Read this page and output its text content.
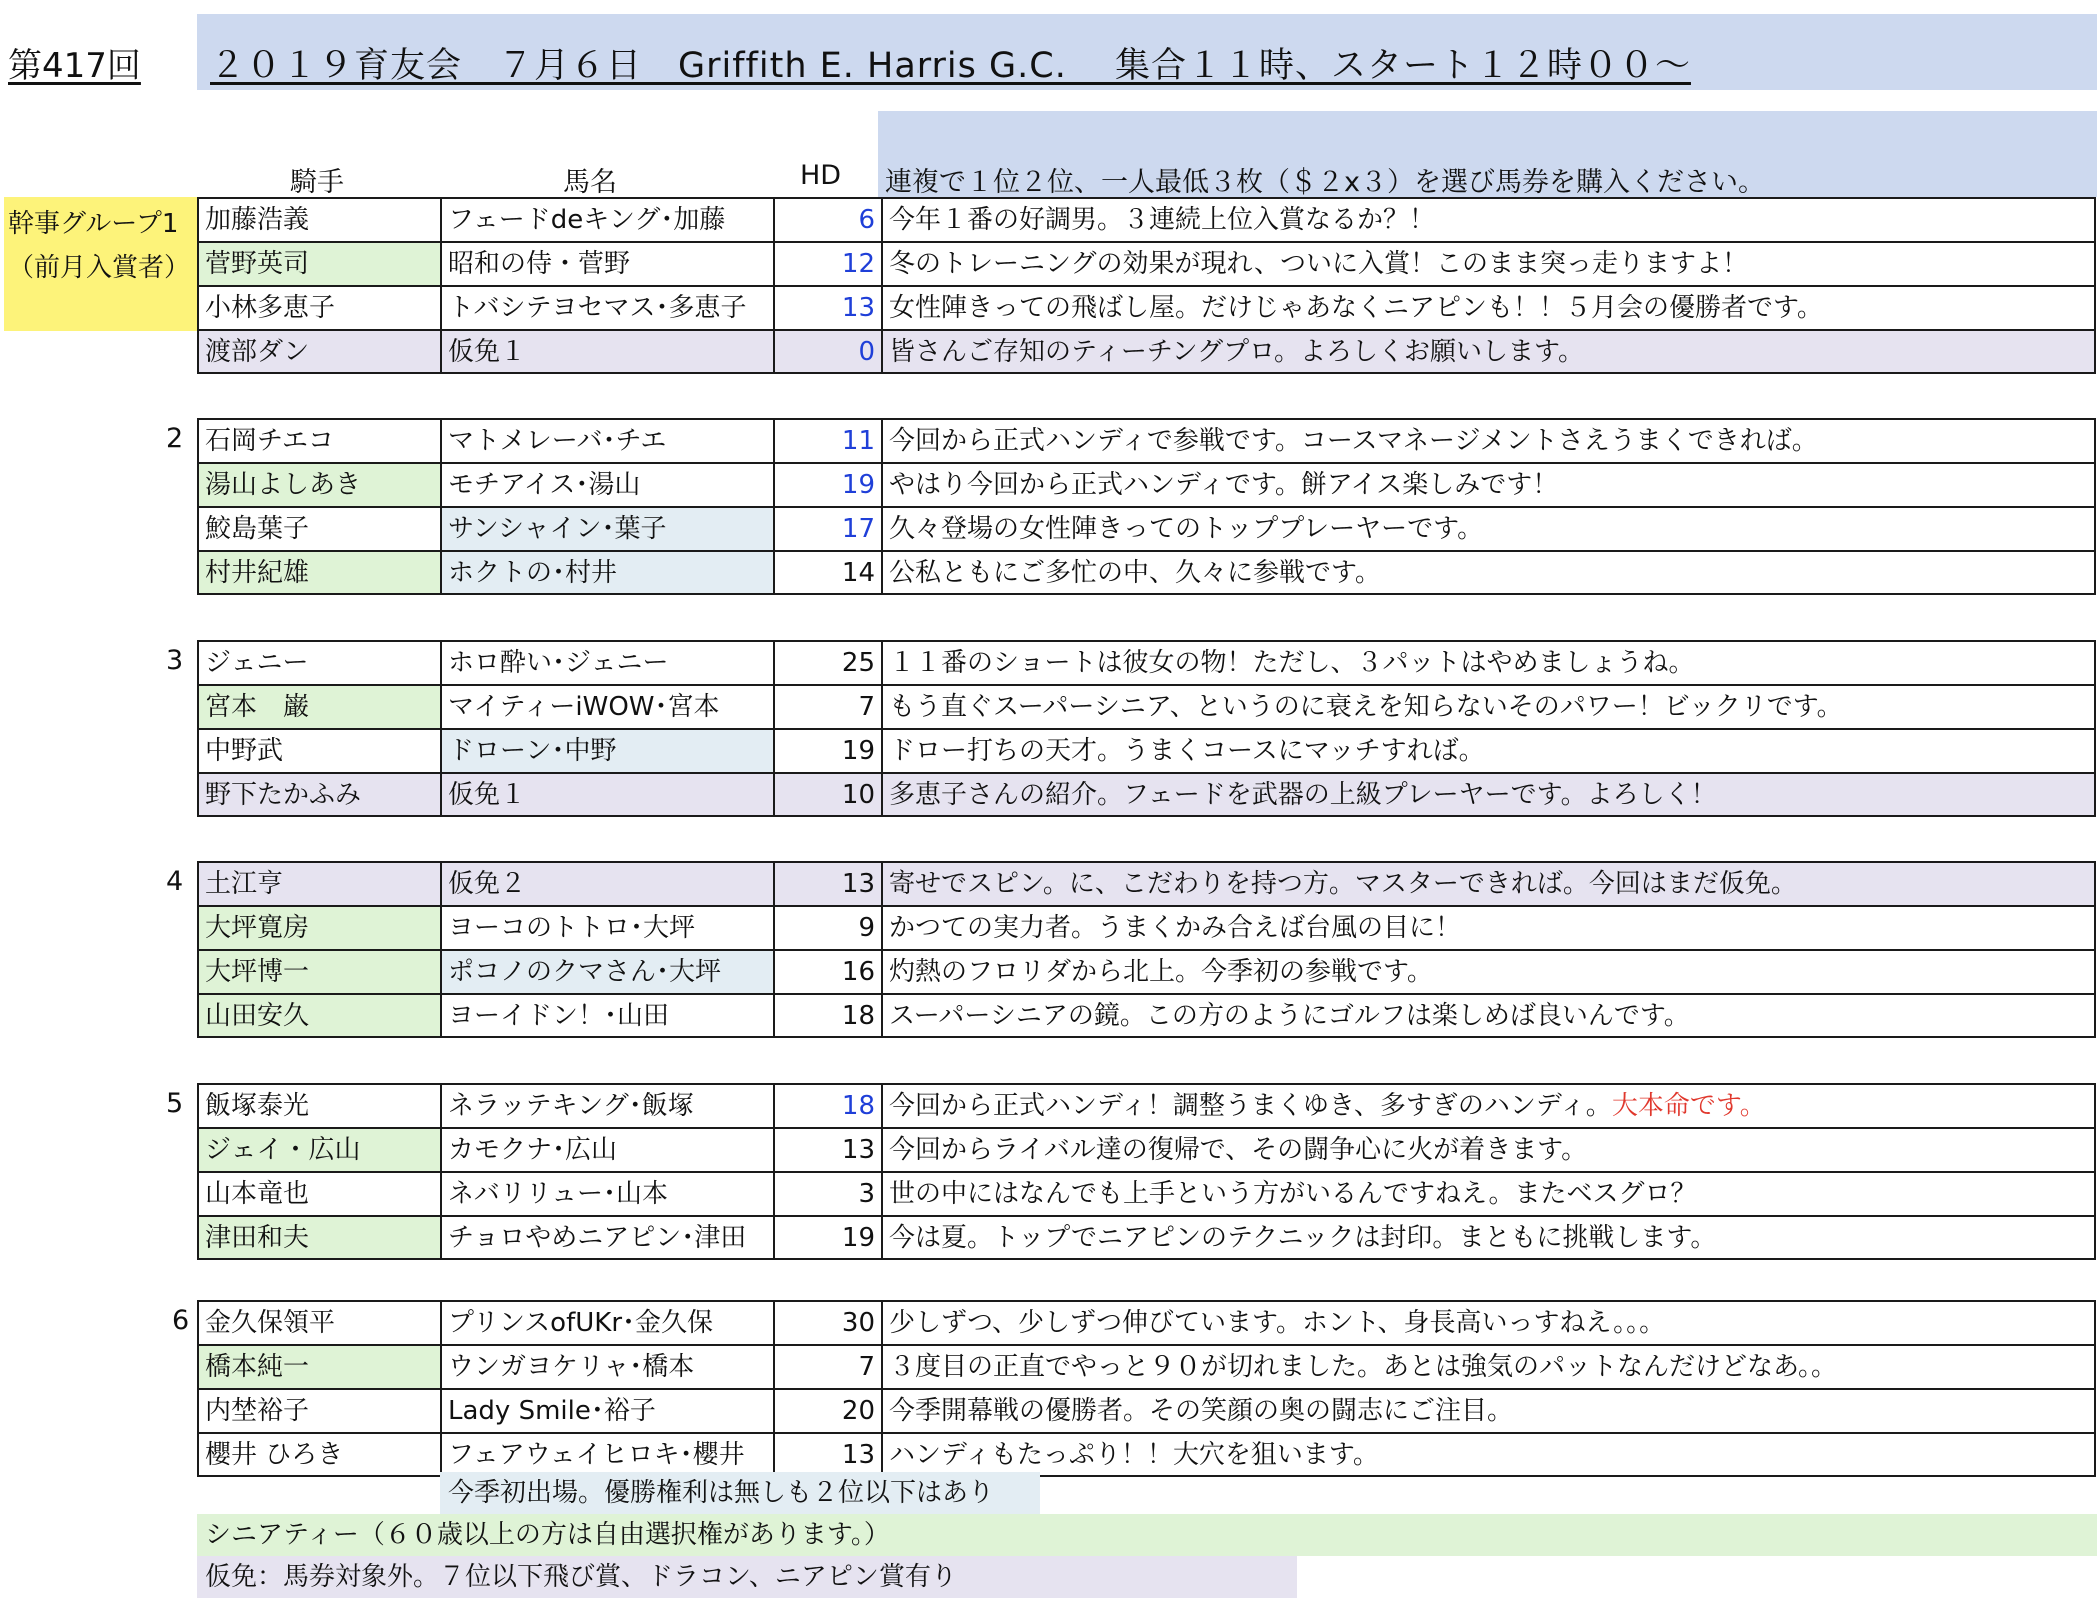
第417回 ２０１９育友会　７月６日　Griffith E. Harris G.C.　 集合１１時、スタート１２時００～
騎手	馬名	HD 連複で１位２位、一人最低３枚（＄２x３）を選び馬券を購入ください。
幹事グループ1
（前月入賞者）
加藤浩義	フェードdeキング･加藤	6 今年１番の好調男。３連続上位入賞なるか？！
菅野英司	昭和の侍・菅野	12 冬のトレーニングの効果が現れ、ついに入賞！このまま突っ走りますよ！
小林多恵子	トバシテヨセマス･多恵子	13 女性陣きっての飛ばし屋。だけじゃあなくニアピンも！！５月会の優勝者です。
渡部ダン	仮免１	0 皆さんご存知のティーチングプロ。よろしくお願いします。
2 石岡チエコ	マトメレーバ･チエ	11 今回から正式ハンディで参戦です。コースマネージメントさえうまくできれば。
湯山よしあき	モチアイス･湯山	19 やはり今回から正式ハンディです。餅アイス楽しみです！
鮫島葉子	サンシャイン･葉子	17 久々登場の女性陣きってのトッププレーヤーです。
村井紀雄	ホクトの･村井	14 公私ともにご多忙の中、久々に参戦です。
3 ジェニー	ホロ酔い･ジェニー	25 １１番のショートは彼女の物！ただし、３パットはやめましょうね。
宮本　巌	マイティーiWOW･宮本	7 もう直ぐスーパーシニア、というのに衰えを知らないそのパワー！ビックリです。
中野武	ドローン･中野	19 ドロー打ちの天才。うまくコースにマッチすれば。
野下たかふみ	仮免１	10 多恵子さんの紹介。フェードを武器の上級プレーヤーです。よろしく！
4 土江亨	仮免２	13 寄せでスピン。に、こだわりを持つ方。マスターできれば。今回はまだ仮免。
大坪寛房	ヨーコのトトロ･大坪	9 かつての実力者。うまくかみ合えば台風の目に！
大坪博一	ポコノのクマさん･大坪	16 灼熱のフロリダから北上。今季初の参戦です。
山田安久	ヨーイドン！･山田	18 スーパーシニアの鏡。この方のようにゴルフは楽しめば良いんです。
5 飯塚泰光	ネラッテキング･飯塚	18 今回から正式ハンディ！調整うまくゆき、多すぎのハンディ。大本命です。
ジェイ・広山	カモクナ･広山	13 今回からライバル達の復帰で、その闘争心に火が着きます。
山本竜也	ネバリリュー･山本	3 世の中にはなんでも上手という方がいるんですねえ。またベスグロ？
津田和夫	チョロやめニアピン･津田	19 今は夏。トップでニアピンのテクニックは封印。まともに挑戦します。
6 金久保領平	プリンスofUKr･金久保	30 少しずつ、少しずつ伸びています。ホント、身長高いっすねえ。。。
橋本純一	ウンガヨケリャ･橋本	7 ３度目の正直でやっと９０が切れました。あとは強気のパットなんだけどなあ。。
内埜裕子	Lady Smile･裕子	20 今季開幕戦の優勝者。その笑顔の奥の闘志にご注目。
櫻井 ひろき	フェアウェイヒロキ･櫻井	13 ハンディもたっぷり！！大穴を狙います。
今季初出場。優勝権利は無しも２位以下はあり
シニアティー（６０歳以上の方は自由選択権があります。）
仮免：馬券対象外。７位以下飛び賞、ドラコン、ニアピン賞有り
